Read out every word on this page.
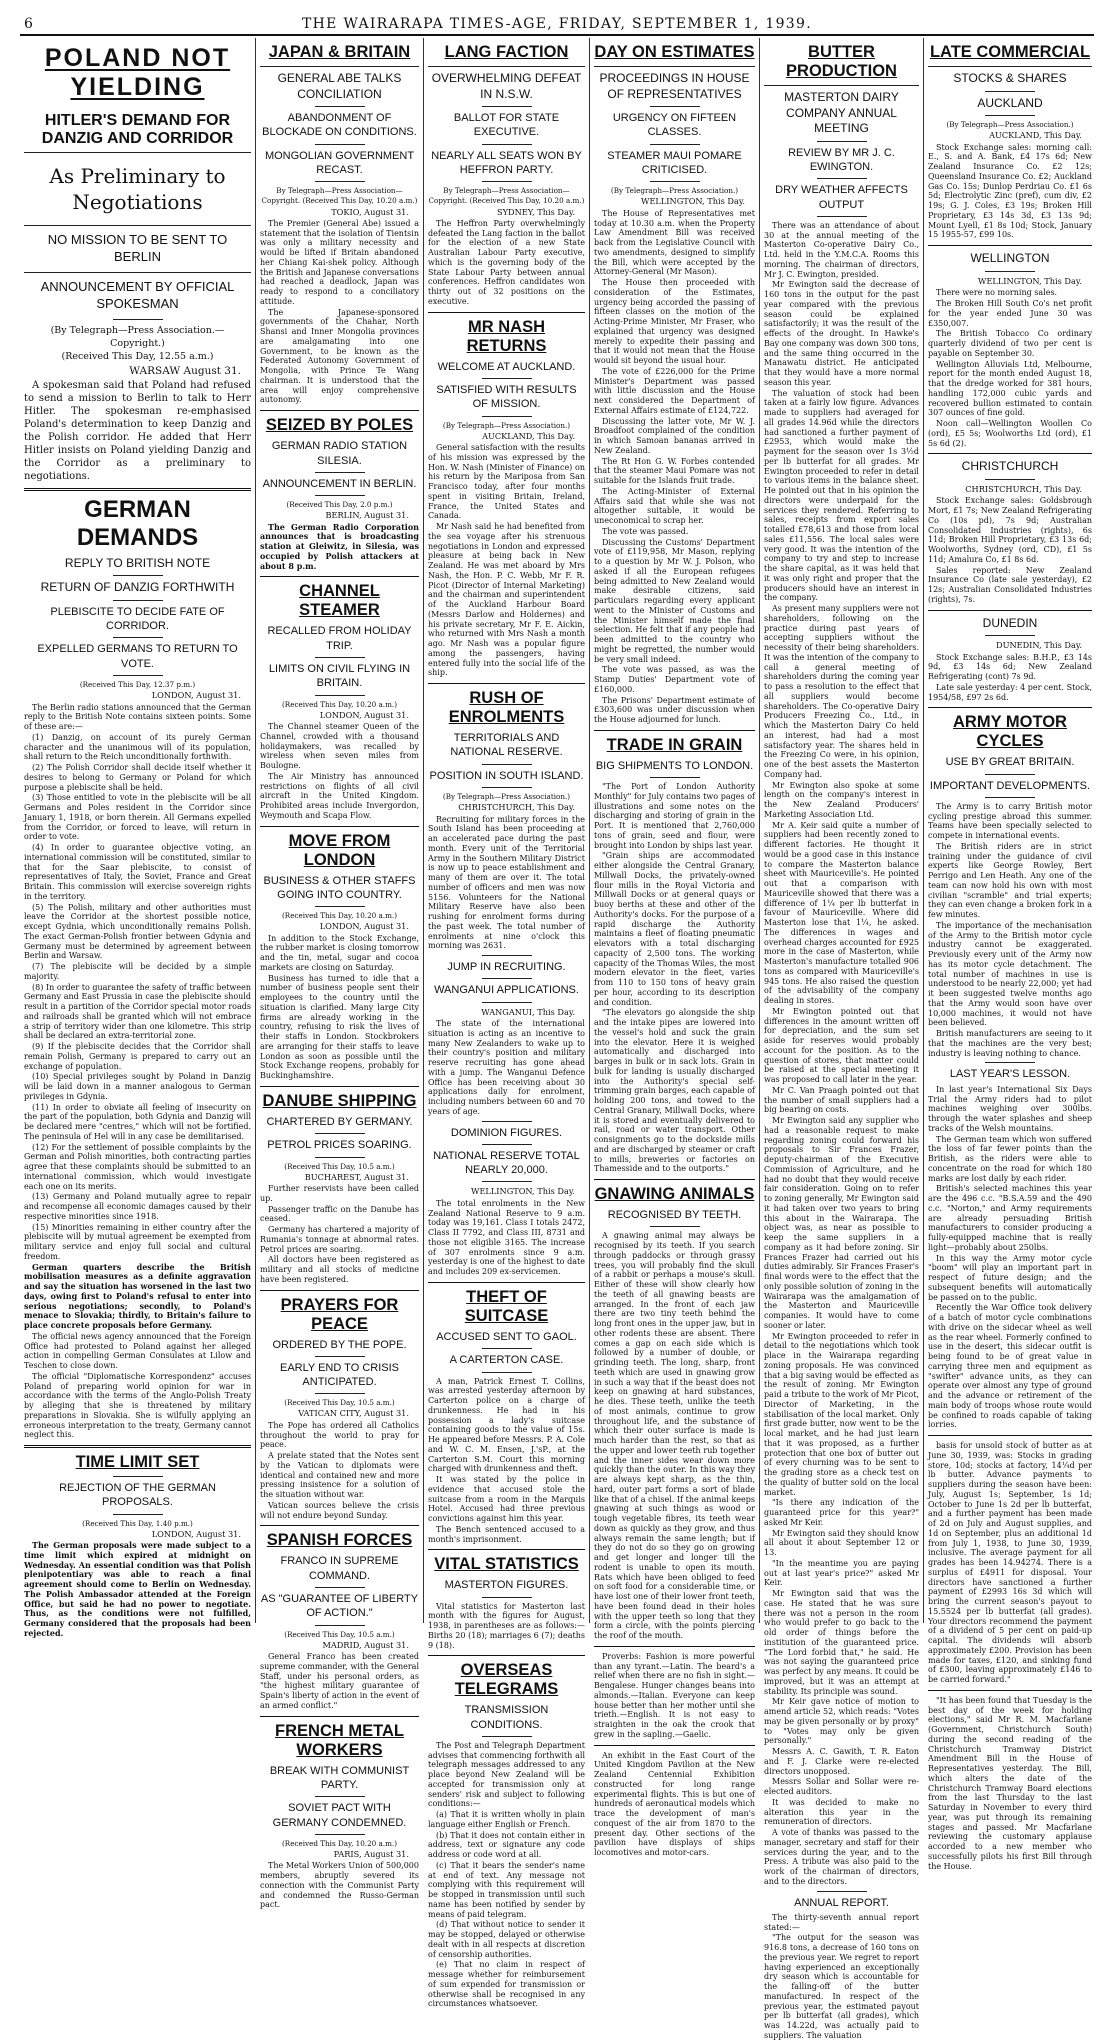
6	THE WAIRARAPA TIMES-AGE, FRIDAY, SEPTEMBER 1, 1939.
POLAND NOT YIELDING
HITLER'S DEMAND FOR DANZIG AND CORRIDOR
As Preliminary to Negotiations
NO MISSION TO BE SENT TO BERLIN
ANNOUNCEMENT BY OFFICIAL SPOKESMAN
(By Telegraph—Press Association.—Copyright.)
(Received This Day, 12.55 a.m.)
WARSAW August 31.

A spokesman said that Poland had refused to send a mission to Berlin to talk to Herr Hitler. The spokesman re-emphasised Poland's determination to keep Danzig and the Polish corridor. He added that Herr Hitler insists on Poland yielding Danzig and the Corridor as a preliminary to negotiations.

GERMAN DEMANDS
REPLY TO BRITISH NOTE
RETURN OF DANZIG FORTHWITH
PLEBISCITE TO DECIDE FATE OF CORRIDOR.
EXPELLED GERMANS TO RETURN TO VOTE.
(Received This Day, 12.37 p.m.)
LONDON, August 31.

The Berlin radio stations announced that the German reply to the British Note contains sixteen points. Some of these are:—

(1) Danzig, on account of its purely German character and the unanimous will of its population, shall return to the Reich unconditionally forthwith.

(2) The Polish Corridor shall decide itself whether it desires to belong to Germany or Poland for which purpose a plebiscite shall be held.

(3) Those entitled to vote in the plebiscite will be all Germans and Poles resident in the Corridor since January 1, 1918, or born therein. All Germans expelled from the Corridor, or forced to leave, will return in order to vote.

(4) In order to guarantee objective voting, an international commission will be constituted, similar to that for the Saar plebiscite, to consist of representatives of Italy, the Soviet, France and Great Britain. This commission will exercise sovereign rights in the territory.

(5) The Polish, military and other authorities must leave the Corridor at the shortest possible notice, except Gydnia, which unconditionally remains Polish. The exact German-Polish frontier between Gdynia and Germany must be determined by agreement between Berlin and Warsaw.

(7) The plebiscite will be decided by a simple majority.

(8) In order to guarantee the safety of traffic between Germany and East Prussia in case the plebiscite should result in a partition of the Corridor special motor roads and railroads shall be granted which will not embrace a strip of territory wider than one kilometre. This strip shall be declared an extra-territorial zone.

(9) If the plebiscite decides that the Corridor shall remain Polish, Germany is prepared to carry out an exchange of population.

(10) Special privileges sought by Poland in Danzig will be laid down in a manner analogous to German privileges in Gdynia.

(11) In order to obviate all feeling of insecurity on the part of the population, both Gdynia and Danzig will be declared mere "centres," which will not be fortified. The peninsula of Hel will in any case be demilitarised.

(12) For the settlement of possible complaints by the German and Polish minorities, both contracting parties agree that these complaints should be submitted to an international commission, which would investigate each one on its merits.

(13) Germany and Poland mutually agree to repair and recompense all economic damages caused by their respective minorities since 1918.

(15) Minorities remaining in either country after the plebiscite will by mutual agreement be exempted from military service and enjoy full social and cultural freedom.

German quarters describe the British mobilisation measures as a definite aggravation and say the situation has worsened in the last two days, owing first to Poland's refusal to enter into serious negotiations; secondly, to Poland's menace to Slovakia; thirdly, to Britain's failure to place concrete proposals before Germany.

The official news agency announced that the Foreign Office had protested to Poland against her alleged action in compelling German Consulates at Lilow and Teschen to close down.

The official "Diplomatische Korrespondenz" accuses Poland of preparing world opinion for war in accordance with the terms of the Anglo-Polish Treaty by alleging that she is threatened by military preparations in Slovakia. She is wilfully applying an erroneous interpretation to the treaty, Germany cannot neglect this.

TIME LIMIT SET
REJECTION OF THE GERMAN PROPOSALS.
(Received This Day, 1.40 p.m.)
LONDON, August 31.

The German proposals were made subject to a time limit which expired at midnight on Wednesday. An essential condition was that Polish plenipotentiary was able to reach a final agreement should come to Berlin on Wednesday. The Polish Ambassador attended at the Foreign Office, but said he had no power to negotiate. Thus, as the conditions were not fulfilled, Germany considered that the proposals had been rejected.

JAPAN & BRITAIN
GENERAL ABE TALKS CONCILIATION
ABANDONMENT OF BLOCKADE ON CONDITIONS.
MONGOLIAN GOVERNMENT RECAST.
By Telegraph—Press Association—Copyright. (Received This Day, 10.20 a.m.)
TOKIO, August 31.

The Premier (General Abe) issued a statement that the isolation of Tientsin was only a military necessity and would be lifted if Britain abandoned her Chiang Kai-shek policy. Although the British and Japanese conversations had reached a deadlock, Japan was ready to respond to a conciliatory attitude.

The Japanese-sponsored governments of the Chahar, North Shansi and Inner Mongolia provinces are amalgamating into one Government, to be known as the Federated Autonomy Government of Mongolia, with Prince Te Wang chairman. It is understood that the area will enjoy comprehensive autonomy.

SEIZED BY POLES
GERMAN RADIO STATION SILESIA.
ANNOUNCEMENT IN BERLIN.
(Received This Day, 2.0 p.m.)
BERLIN, August 31.

The German Radio Corporation announces that is broadcasting station at Gleiwitz, in Silesia, was occupied by Polish attackers at about 8 p.m.

CHANNEL STEAMER
RECALLED FROM HOLIDAY TRIP.
LIMITS ON CIVIL FLYING IN BRITAIN.
(Received This Day, 10.20 a.m.)
LONDON, August 31.

The Channel steamer Queen of the Channel, crowded with a thousand holidaymakers, was recalled by wireless when seven miles from Boulogne.

The Air Ministry has announced restrictions on flights of all civil aircraft in the United Kingdom. Prohibited areas include Invergordon, Weymouth and Scapa Flow.

MOVE FROM LONDON
BUSINESS & OTHER STAFFS GOING INTO COUNTRY.
(Received This Day, 10.20 a.m.)
LONDON, August 31.

In addition to the Stock Exchange, the rubber market is closing tomorrow and the tin, metal, sugar and cocoa markets are closing on Saturday.

Business has turned to idle that a number of business people sent their employees to the country until the situation is clarified. Many large City firms are already working in the country, refusing to risk the lives of their staffs in London. Stockbrokers are arranging for their staffs to leave London as soon as possible until the Stock Exchange reopens, probably for Buckinghamshire.

DANUBE SHIPPING
CHARTERED BY GERMANY.
PETROL PRICES SOARING.
(Received This Day, 10.5 a.m.)
BUCHAREST, August 31.

Further reservists have been called up.

Passenger traffic on the Danube has ceased.

Germany has chartered a majority of Rumania's tonnage at abnormal rates. Petrol prices are soaring.

All doctors have been registered as military and all stocks of medicine have been registered.

PRAYERS FOR PEACE
ORDERED BY THE POPE.
EARLY END TO CRISIS ANTICIPATED.
(Received This Day, 10.5 a.m.)
VATICAN CITY, August 31.

The Pope has ordered all Catholics throughout the world to pray for peace.

A prelate stated that the Notes sent by the Vatican to diplomats were identical and contained new and more pressing insistence for a solution of the situation without war.

Vatican sources believe the crisis will not endure beyond Sunday.

SPANISH FORCES
FRANCO IN SUPREME COMMAND.
AS "GUARANTEE OF LIBERTY OF ACTION."
(Received This Day, 10.5 a.m.)
MADRID, August 31.

General Franco has been created supreme commander, with the General Staff, under his personal orders, as "the highest military guarantee of Spain's liberty of action in the event of an armed conflict."

FRENCH METAL WORKERS
BREAK WITH COMMUNIST PARTY.
SOVIET PACT WITH GERMANY CONDEMNED.
(Received This Day, 10.20 a.m.)
PARIS, August 31.

The Metal Workers Union of 500,000 members, abruptly severed its connection with the Communist Party and condemned the Russo-German pact.

LANG FACTION
OVERWHELMING DEFEAT IN N.S.W.
BALLOT FOR STATE EXECUTIVE.
NEARLY ALL SEATS WON BY HEFFRON PARTY.
By Telegraph—Press Association—Copyright. (Received This Day, 10.20 a.m.)
SYDNEY, This Day.

The Heffron Party overwhelmingly defeated the Lang faction in the ballot for the election of a new State Australian Labour Party executive, which is the governing body of the State Labour Party between annual conferences. Heffron candidates won thirty out of 32 positions on the executive.

MR NASH RETURNS
WELCOME AT AUCKLAND.
SATISFIED WITH RESULTS OF MISSION.
(By Telegraph—Press Association.)
AUCKLAND, This Day.

General satisfaction with the results of his mission was expressed by the Hon. W. Nash (Minister of Finance) on his return by the Mariposa from San Francisco today, after four months spent in visiting Britain, Ireland, France, the United States and Canada.

Mr Nash said he had benefited from the sea voyage after his strenuous negotiations in London and expressed pleasure at being back in New Zealand. He was met aboard by Mrs Nash, the Hon. P. C. Webb, Mr F. R. Picot (Director of Internal Marketing) and the chairman and superintendent of the Auckland Harbour Board (Messrs Darlow and Holdernes) and his private secretary, Mr F. E. Aickin, who returned with Mrs Nash a month ago. Mr Nash was a popular figure among the passengers, having entered fully into the social life of the ship.

RUSH OF ENROLMENTS
TERRITORIALS AND NATIONAL RESERVE.
POSITION IN SOUTH ISLAND.
(By Telegraph—Press Association.)
CHRISTCHURCH, This Day.

Recruiting for military forces in the South Island has been proceeding at an accelerated pace during the past month. Every unit of the Territorial Army in the Southern Military District is now up to peace establishment and many of them are over it. The total number of officers and men was now 5156. Volunteers for the National Military Reserve have also been rushing for enrolment forms during the past week. The total number of enrolments at nine o'clock this morning was 2631.

JUMP IN RECRUITING.
WANGANUI APPLICATIONS.
WANGANUI, This Day.

The state of the international situation is acting as an incentive to many New Zealanders to wake up to their country's position and military reserve recruiting has gone ahead with a jump. The Wanganui Defence Office has been receiving about 30 applications daily for enrolment, including numbers between 60 and 70 years of age.

DOMINION FIGURES.
NATIONAL RESERVE TOTAL NEARLY 20,000.
WELLINGTON, This Day.

The total enrolments in the New Zealand National Reserve to 9 a.m. today was 19,161. Class I totals 2472, Class II 7792, and Class III, 8731 and those not eligible 3165. The increase of 307 enrolments since 9 a.m. yesterday is one of the highest to date and includes 209 ex-servicemen.

THEFT OF SUITCASE
ACCUSED SENT TO GAOL.
A CARTERTON CASE.

A man, Patrick Ernest T. Collins, was arrested yesterday afternoon by Carterton police on a charge of drunkenness. He had in his possession a lady's suitcase containing goods to the value of 15s. He appeared before Messrs. P. A. Cole and W. C. M. Ensen, J.'sP., at the Carterton S.M. Court this morning charged with drunkenness and theft.

It was stated by the police in evidence that accused stole the suitcase from a room in the Marquis Hotel. Accused had three previous convictions against him this year.

The Bench sentenced accused to a month's imprisonment.

VITAL STATISTICS
MASTERTON FIGURES.

Vital statistics for Masterton last month with the figures for August, 1938, in parentheses are as follows:—Births 20 (18); marriages 6 (7); deaths 9 (18).

OVERSEAS TELEGRAMS
TRANSMISSION CONDITIONS.

The Post and Telegraph Department advises that commencing forthwith all telegraph messages addressed to any place beyond New Zealand will be accepted for transmission only at senders' risk and subject to following conditions:—

(a) That it is written wholly in plain language either English or French.

(b) That it does not contain either in address, text or signature any code address or code word at all.

(c) That it bears the sender's name at end of text. Any message not complying with this requirement will be stopped in transmission until such name has been notified by sender by means of paid telegram.

(d) That without notice to sender it may be stopped, delayed or otherwise dealt with in all respects at discretion of censorship authorities.

(e) That no claim in respect of message whether for reimbursement of sum expended for transmission or otherwise shall be recognised in any circumstances whatsoever.

DAY ON ESTIMATES
PROCEEDINGS IN HOUSE OF REPRESENTATIVES
URGENCY ON FIFTEEN CLASSES.
STEAMER MAUI POMARE CRITICISED.
(By Telegraph—Press Association.)
WELLINGTON, This Day.

The House of Representatives met today at 10.30 a.m. when the Property Law Amendment Bill was received back from the Legislative Council with two amendments, designed to simplify the Bill, which were accepted by the Attorney-General (Mr Mason).

The House then proceeded with consideration of the Estimates, urgency being accorded the passing of fifteen classes on the motion of the Acting-Prime Minister, Mr Fraser, who explained that urgency was designed merely to expedite their passing and that it would not mean that the House would sit beyond the usual hour.

The vote of £226,000 for the Prime Minister's Department was passed with little discussion and the House next considered the Department of External Affairs estimate of £124,722.

Discussing the latter vote, Mr W. J. Broadfoot complained of the condition in which Samoan bananas arrived in New Zealand.

The Rt Hon G. W. Forbes contended that the steamer Maui Pomare was not suitable for the Islands fruit trade.

The Acting-Minister of External Affairs said that while she was not altogether suitable, it would be uneconomical to scrap her.

The vote was passed.

Discussing the Customs' Department vote of £119,958, Mr Mason, replying to a question by Mr W. J. Polson, who asked if all the European refugees being admitted to New Zealand would make desirable citizens, said particulars regarding every applicant went to the Minister of Customs and the Minister himself made the final selection. He felt that if any people had been admitted to the country who might be regretted, the number would be very small indeed.

The vote was passed, as was the Stamp Duties' Department vote of £160,000.

The Prisons' Department estimate of £303,600 was under discussion when the House adjourned for lunch.

TRADE IN GRAIN
BIG SHIPMENTS TO LONDON.

"The Port of London Authority Monthly" for July contains two pages of illustrations and some notes on the discharging and storing of grain in the Port. It is mentioned that 2,760,000 tons of grain, seed and flour, were brought into London by ships last year.

"Grain ships are accommodated either alongside the Central Granary, Millwall Docks, the privately-owned flour mills in the Royal Victoria and Millwall Docks or at general quays or buoy berths at these and other of the Authority's docks. For the purpose of a rapid discharge the Authority maintains a fleet of floating pneumatic elevators with a total discharging capacity of 2,500 tons. The working capacity of the Thomas Wiles, the most modern elevator in the fleet, varies from 110 to 150 tons of heavy grain per hour, according to its description and condition.

"The elevators go alongside the ship and the intake pipes are lowered into the vessel's hold and suck the grain into the elevator. Here it is weighed automatically and discharged into barges in bulk or in sack lots. Grain in bulk for landing is usually discharged into the Authority's special self-trimming grain barges, each capable of holding 200 tons, and towed to the Central Granary, Millwall Docks, where it is stored and eventually delivered to rail, road or water transport. Other consignments go to the dockside mills and are discharged by steamer or craft to mills, breweries or factories on Thamesside and to the outports."

GNAWING ANIMALS
RECOGNISED BY TEETH.

A gnawing animal may always be recognised by its teeth. If you search through paddocks or through grassy trees, you will probably find the skull of a rabbit or perhaps a mouse's skull. Either of these will show clearly how the teeth of all gnawing beasts are arranged. In the front of each jaw there are two tiny teeth behind the long front ones in the upper jaw, but in other rodents these are absent. There comes a gap on each side which is followed by a number of double, or grinding teeth. The long, sharp, front teeth which are used in gnawing grow in such a way that if the beast does not keep on gnawing at hard substances, he dies. These teeth, unlike the teeth of most animals, continue to grow throughout life, and the substance of which their outer surface is made is much harder than the rest, so that as the upper and lower teeth rub together and the inner sides wear down more quickly than the outer. In this way they are always kept sharp, as the thin, hard, outer part forms a sort of blade like that of a chisel. If the animal keeps gnawing at such things as wood or tough vegetable fibres, its teeth wear down as quickly as they grow, and thus always remain the same length; but if they do not do so they go on growing and get longer and longer till the rodent is unable to open its mouth. Rats which have been obliged to feed on soft food for a considerable time, or have lost one of their lower front teeth, have been found dead in their holes with the upper teeth so long that they form a circle, with the points piercing the roof of the mouth.

Proverbs: Fashion is more powerful than any tyrant.—Latin. The beard's a relief when there are no fish in sight.—Bengalese. Hunger changes beans into almonds.—Italian. Everyone can keep house better than her mother until she trieth.—English. It is not easy to straighten in the oak the crook that grew in the sapling.—Gaelic.

An exhibit in the East Court of the United Kingdom Pavilion at the New Zealand Centennial Exhibition constructed for long range experimental flights. This is but one of hundreds of aeronautical models which trace the development of man's conquest of the air from 1870 to the present day. Other sections of the pavilion have displays of ships locomotives and motor-cars.

BUTTER PRODUCTION
MASTERTON DAIRY COMPANY ANNUAL MEETING
REVIEW BY MR J. C. EWINGTON.
DRY WEATHER AFFECTS OUTPUT

There was an attendance of about 30 at the annual meeting of the Masterton Co-operative Dairy Co., Ltd. held in the Y.M.C.A. Rooms this morning. The chairman of directors, Mr J. C. Ewington, presided.

Mr Ewington said the decrease of 160 tons in the output for the past year compared with the previous season could be explained satisfactorily; it was the result of the effects of the drought. In Hawke's Bay one company was down 300 tons, and the same thing occurred in the Manawatu district. He anticipated that they would have a more normal season this year.

The valuation of stock had been taken at a fairly low figure. Advances made to suppliers had averaged for all grades 14.96d while the directors had sanctioned a further payment of £2953, which would make the payment for the season over 1s 3½d per lb butterfat for all grades. Mr Ewington proceeded to refer in detail to various items in the balance sheet. He pointed out that in his opinion the directors were underpaid for the services they rendered. Referring to sales, receipts from export sales totalled £78,613 and those from local sales £11,556. The local sales were very good. It was the intention of the company to try and step to increase the share capital, as it was held that it was only right and proper that the producers should have an interest in the company.

As present many suppliers were not shareholders, following on the practice during past years of accepting suppliers without the necessity of their being shareholders. It was the intention of the company to call a general meeting of shareholders during the coming year to pass a resolution to the effect that all suppliers would become shareholders. The Co-operative Dairy Producers Freezing Co., Ltd., in which the Masterton Dairy Co held an interest, had had a most satisfactory year. The shares held in the Freezing Co were, in his opinion, one of the best assets the Masterton Company had.

Mr Ewington also spoke at some length on the company's interest in the New Zealand Producers' Marketing Association Ltd.

Mr A. Keir said quite a number of suppliers had been recently zoned to different factories. He thought it would be a good case in this instance to compare the Masterton balance sheet with Mauriceville's. He pointed out that a comparison with Mauriceville showed that there was a difference of 1¼ per lb butterfat in favour of Mauriceville. Where did Masterton lose that 1¼, he asked. The differences in wages and overhead charges accounted for £925 more in the case of Masterton, while Masterton's manufacture totalled 906 tons as compared with Mauriceville's 945 tons. He also raised the question of the advisability of the company dealing in stores.

Mr Ewington pointed out that differences in the amount written off for depreciation, and the sum set aside for reserves would probably account for the position. As to the question of stores, that matter could be raised at the special meeting it was proposed to call later in the year.

Mr C. Van Praagh pointed out that the number of small suppliers had a big bearing on costs.

Mr Ewington said any supplier who had a reasonable request to make regarding zoning could forward his proposals to Sir Frances Frazer, deputy-chairman of the Executive Commission of Agriculture, and he had no doubt that they would receive fair consideration. Going on to refer to zoning generally, Mr Ewington said it had taken over two years to bring this about in the Wairarapa. The object was, as near as possible to keep the same suppliers in a company as it had before zoning. Sir Frances Frazer had carried out his duties admirably. Sir Frances Fraser's final words were to the effect that the only possible solution of zoning in the Wairarapa was the amalgamation of the Masterton and Mauriceville companies. It would have to come sooner or later.

Mr Ewington proceeded to refer in detail to the negotiations which took place in the Wairarapa regarding zoning proposals. He was convinced that a big saving would be effected as the result of zoning. Mr Ewington paid a tribute to the work of Mr Picot, Director of Marketing, in the stabilisation of the local market. Only first grade butter, now went to be the local market, and he had just learn that it was proposed, as a further protection that one box of butter out of every churning was to be sent to the grading store as a check test on the quality of butter sold on the local market.

"Is there any indication of the guaranteed price for this year?" asked Mr Keir.

Mr Ewington said they should know all about it about September 12 or 13.

"In the meantime you are paying out at last year's price?" asked Mr Keir.

Mr Ewington said that was the case. He stated that he was sure there was not a person in the room who would prefer to go back to the old order of things before the institution of the guaranteed price. "The Lord forbid that," he said. He was not saying the guaranteed price was perfect by any means. It could be improved, but it was an attempt at stability. Its principle was sound.

Mr Keir gave notice of motion to amend article 52, which reads: "Votes may be given personally or by proxy" to "Votes may only be given personally."

Messrs A. C. Gawith, T. R. Eaton and F. J. Clarke were re-elected directors unopposed.

Messrs Sollar and Sollar were re-elected auditors.

It was decided to make no alteration this year in the remuneration of directors.

A vote of thanks was passed to the manager, secretary and staff for their services during the year, and to the Press. A tribute was also paid to the work of the chairman of directors, and to the directors.

ANNUAL REPORT.

The thirty-seventh annual report stated:—

"The output for the season was 916.8 tons, a decrease of 160 tons on the previous year. We regret to report having experienced an exceptionally dry season which is accountable for the falling-off of the butter manufactured. In respect of the previous year, the estimated payout per lb butterfat (all grades), which was 14.22d, was actually paid to suppliers. The valuation

LATE COMMERCIAL
STOCKS & SHARES
AUCKLAND
(By Telegraph—Press Association.)
AUCKLAND, This Day.

Stock Exchange sales: morning call: E., S. and A. Bank, £4 17s 6d; New Zealand Insurance Co. £2 12s; Queensland Insurance Co. £2; Auckland Gas Co. 15s; Dunlop Perdriau Co. £1 6s 5d; Electrolytic Zinc (pref), cum div, £2 19s; G. J. Coles, £3 19s; Broken Hill Proprietary, £3 14s 3d, £3 13s 9d; Mount Lyell, £1 8s 10d; Stock, January 15 1955-57, £99 10s.

WELLINGTON
WELLINGTON, This Day.

There were no morning sales.

The Broken Hill South Co's net profit for the year ended June 30 was £350,007.

The British Tobacco Co ordinary quarterly dividend of two per cent is payable on September 30.

Wellington Alluvials Ltd, Melbourne, report for the month ended August 18, that the dredge worked for 381 hours, handling 172,000 cubic yards and recovered bullion estimated to contain 307 ounces of fine gold.

Noon call—Wellington Woollen Co (ord), £5 5s; Woolworths Ltd (ord), £1 5s 6d (2).

CHRISTCHURCH
CHRISTCHURCH, This Day.

Stock Exchange sales: Goldsbrough Mort, £1 7s; New Zealand Refrigerating Co (10s pd), 7s 9d; Australian Consolidated Industries (rights), 6s 11d; Broken Hill Proprietary, £3 13s 6d; Woolworths, Sydney (ord, CD), £1 5s 11d; Amalura Co, £1 8s 6d.

Sales reported: New Zealand Insurance Co (late sale yesterday), £2 12s; Australian Consolidated Industries (rights), 7s.

DUNEDIN
DUNEDIN, This Day.

Stock Exchange sales: B.H.P., £3 14s 9d, £3 14s 6d; New Zealand Refrigerating (cont) 7s 9d.

Late sale yesterday: 4 per cent. Stock, 1954/58, £97 2s 6d.

ARMY MOTOR CYCLES
USE BY GREAT BRITAIN.
IMPORTANT DEVELOPMENTS.

The Army is to carry British motor cycling prestige abroad this summer. Teams have been specially selected to compete in international events.

The British riders are in strict training under the guidance of civil experts like George Rowley, Bert Perrigo and Len Heath. Any one of the team can now hold his own with most civilian "scramble" and trial experts; they can even change a broken fork in a few minutes.

The importance of the mechanisation of the Army to the British motor cycle industry cannot be exaggerated. Previously every unit of the Army now has its motor cycle detachment. The total number of machines in use is understood to be nearly 22,000; yet had it been suggested twelve months ago that the Army would soon have over 10,000 machines, it would not have been believed.

British manufacturers are seeing to it that the machines are the very best; industry is leaving nothing to chance.

LAST YEAR'S LESSON.

In last year's International Six Days Trial the Army riders had to pilot machines weighing over 300lbs. through the water splashes and sheep tracks of the Welsh mountains.

The German team which won suffered the loss of far fewer points than the British, as the riders were able to concentrate on the road for which 180 marks are lost daily by each rider.

British's selected machines this year are the 496 c.c. "B.S.A.59 and the 490 c.c. "Norton," and Army requirements are already persuading British manufacturers to consider producing a fully-equipped machine that is really light—probably about 250lbs.

In this way the Army motor cycle "boom" will play an important part in respect of future design; and the subsequent benefits will automatically be passed on to the public.

Recently the War Office took delivery of a batch of motor cycle combinations with drive on the sidecar wheel as well as the rear wheel. Formerly confined to use in the desert, this sidecar outfit is being found to be of great value in carrying three men and equipment as "swifter" advance units, as they can operate over almost any type of ground and the advance or retirement of the main body of troops whose route would be confined to roads capable of taking lorries.

basis for unsold stock of butter as at June 30, 1939, was: Stocks in grading store, 10d; stocks at factory, 14¼d per lb butter. Advance payments to suppliers during the season have been: July, August 1s; September, 1s 1d; October to June 1s 2d per lb butterfat, and a further payment has been made of 2d on July and August supplies, and 1d on September, plus an additional 1d from July 1, 1938, to June 30, 1939, inclusive. The average payment for all grades has been 14.94274. There is a surplus of £4911 for disposal. Your directors have sanctioned a further payment of £2993 16s 3d which will bring the current season's payout to 15.5524 per lb butterfat (all grades). Your directors recommend the payment of a dividend of 5 per cent on paid-up capital. The dividends will absorb approximately £200. Provision has been made for taxes, £120, and sinking fund of £300, leaving approximately £146 to be carried forward."

"It has been found that Tuesday is the best day of the week for holding elections," said Mr R. M. Macfarlane (Government, Christchurch South) during the second reading of the Christchurch Tramway District Amendment Bill in the House of Representatives yesterday. The Bill, which alters the date of the Christchurch Tramway Board elections from the last Thursday to the last Saturday in November to every third year, was put through its remaining stages and passed. Mr Macfarlane reviewing the customary applause accorded to a new member who successfully pilots his first Bill through the House.
